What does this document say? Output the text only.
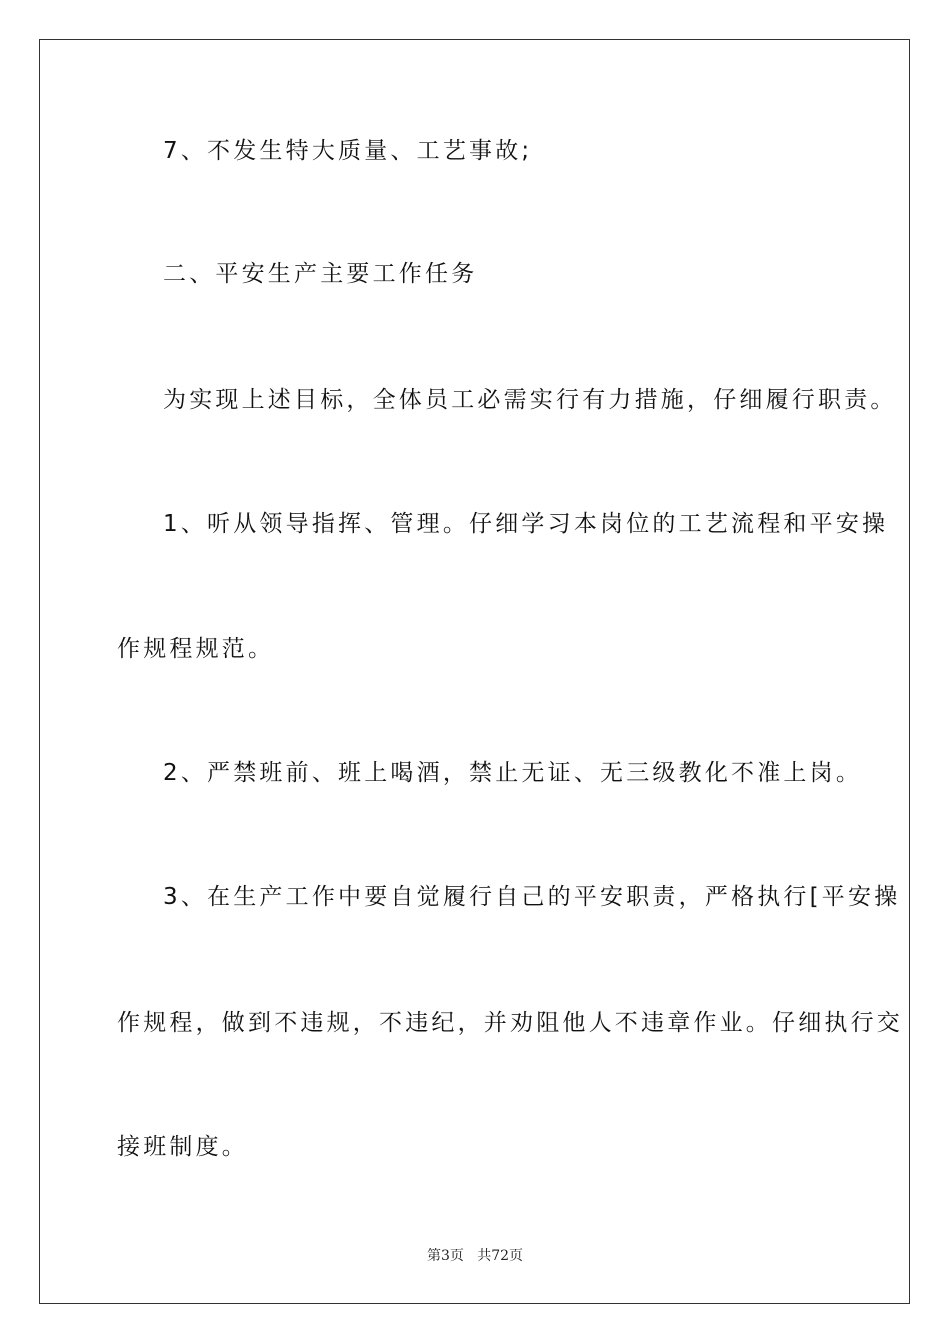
7、不发生特大质量、工艺事故;
二、平安生产主要工作任务
为实现上述目标，全体员工必需实行有力措施，仔细履行职责。
1、听从领导指挥、管理。仔细学习本岗位的工艺流程和平安操
作规程规范。
2、严禁班前、班上喝酒，禁止无证、无三级教化不准上岗。
3、在生产工作中要自觉履行自己的平安职责，严格执行[平安操
作规程，做到不违规，不违纪，并劝阻他人不违章作业。仔细执行交
接班制度。
第3页   共72页
